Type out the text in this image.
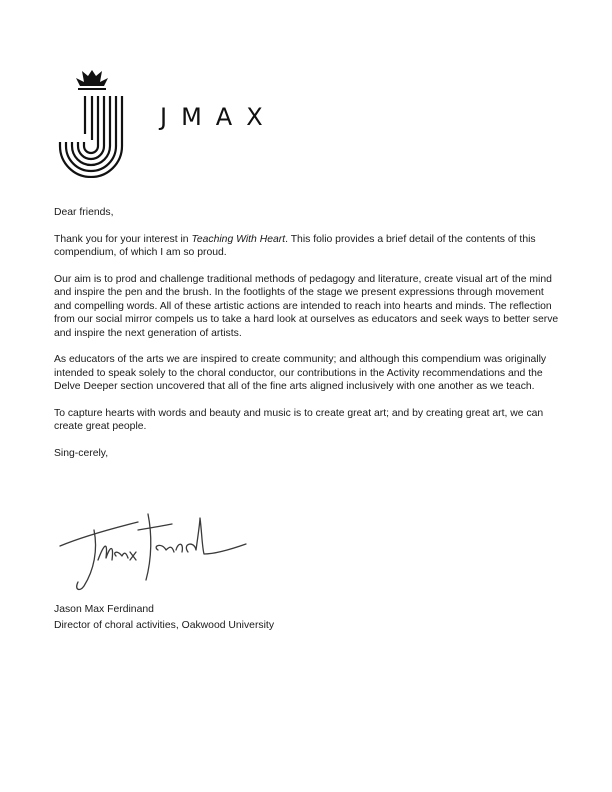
JMAX

Dear friends,

Thank you for your interest in Teaching With Heart. This folio provides a brief detail of the contents of this compendium, of which I am so proud.

Our aim is to prod and challenge traditional methods of pedagogy and literature, create visual art of the mind and inspire the pen and the brush. In the footlights of the stage we present expressions through movement and compelling words. All of these artistic actions are intended to reach into hearts and minds. The reflection from our social mirror compels us to take a hard look at ourselves as educators and seek ways to better serve and inspire the next generation of artists.

As educators of the arts we are inspired to create community; and although this compendium was originally intended to speak solely to the choral conductor, our contributions in the Activity recommendations and the Delve Deeper section uncovered that all of the fine arts aligned inclusively with one another as we teach.

To capture hearts with words and beauty and music is to create great art; and by creating great art, we can create great people.

Sing-cerely,

Jason Max Ferdinand
Director of choral activities, Oakwood University
